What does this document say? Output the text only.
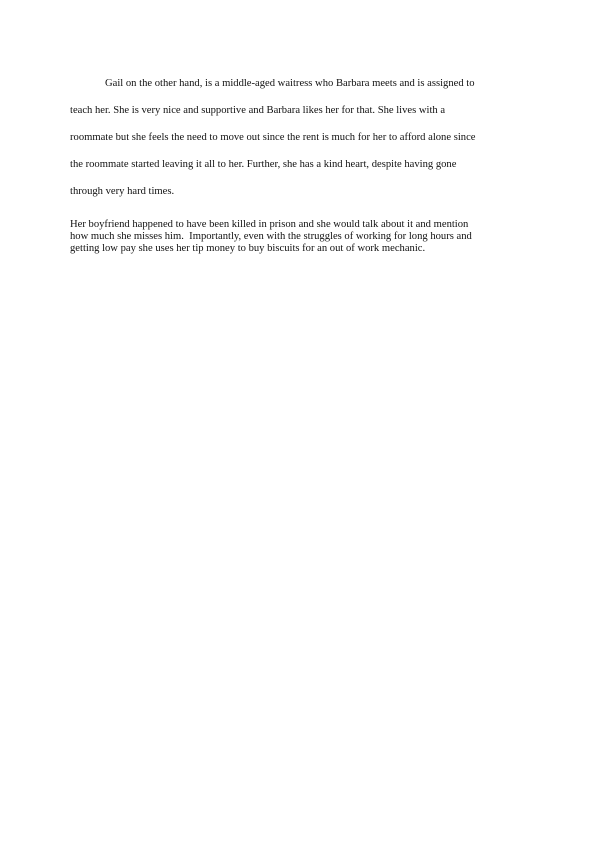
Gail on the other hand, is a middle-aged waitress who Barbara meets and is assigned to
teach her. She is very nice and supportive and Barbara likes her for that. She lives with a
roommate but she feels the need to move out since the rent is much for her to afford alone since
the roommate started leaving it all to her. Further, she has a kind heart, despite having gone
through very hard times.

Her boyfriend happened to have been killed in prison and she would talk about it and mention
how much she misses him.  Importantly, even with the struggles of working for long hours and
getting low pay she uses her tip money to buy biscuits for an out of work mechanic.
